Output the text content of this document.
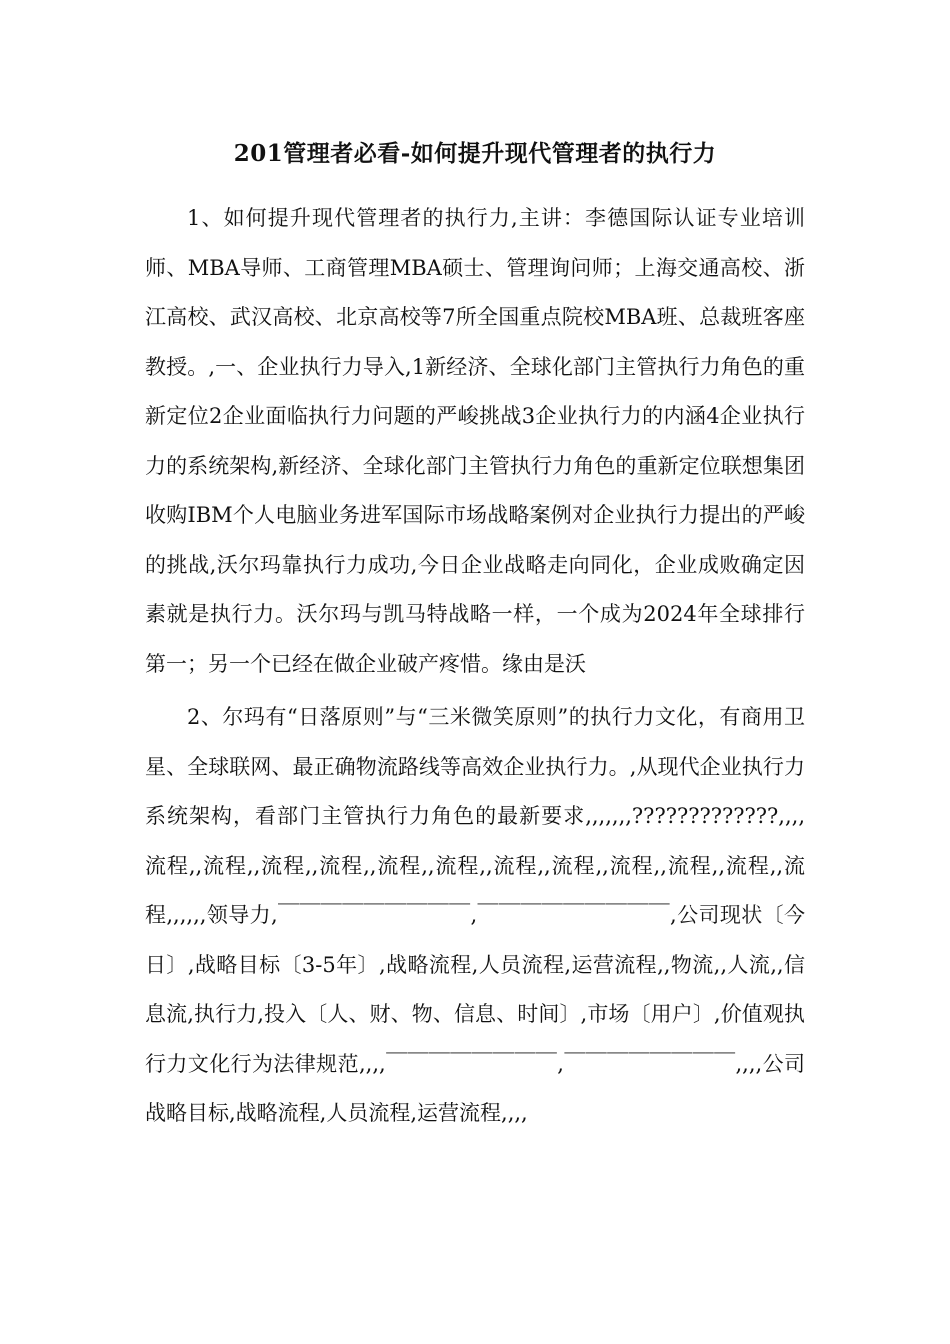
201管理者必看-如何提升现代管理者的执行力

1、如何提升现代管理者的执行力,主讲：李德国际认证专业培训师、MBA导师、工商管理MBA硕士、管理询问师；上海交通高校、浙江高校、武汉高校、北京高校等7所全国重点院校MBA班、总裁班客座教授。,一、企业执行力导入,1新经济、全球化部门主管执行力角色的重新定位2企业面临执行力问题的严峻挑战3企业执行力的内涵4企业执行力的系统架构,新经济、全球化部门主管执行力角色的重新定位联想集团收购IBM个人电脑业务进军国际市场战略案例对企业执行力提出的严峻的挑战,沃尔玛靠执行力成功,今日企业战略走向同化，企业成败确定因素就是执行力。沃尔玛与凯马特战略一样，一个成为2024年全球排行第一；另一个已经在做企业破产疼惜。缘由是沃

2、尔玛有“日落原则”与“三米微笑原则”的执行力文化，有商用卫星、全球联网、最正确物流路线等高效企业执行力。,从现代企业执行力系统架构，看部门主管执行力角色的最新要求,,,,,,,?????????????,,,,流程,,流程,,流程,,流程,,流程,,流程,,流程,,流程,,流程,,流程,,流程,,流程,,,,,,领导力,￣￣￣￣￣￣￣￣￣,￣￣￣￣￣￣￣￣￣,公司现状〔今日〕,战略目标〔3-5年〕,战略流程,人员流程,运营流程,,物流,,人流,,信息流,执行力,投入〔人、财、物、信息、时间〕,市场〔用户〕,价值观执行力文化行为法律规范,,,,￣￣￣￣￣￣￣￣,￣￣￣￣￣￣￣￣,,,,公司战略目标,战略流程,人员流程,运营流程,,,,
